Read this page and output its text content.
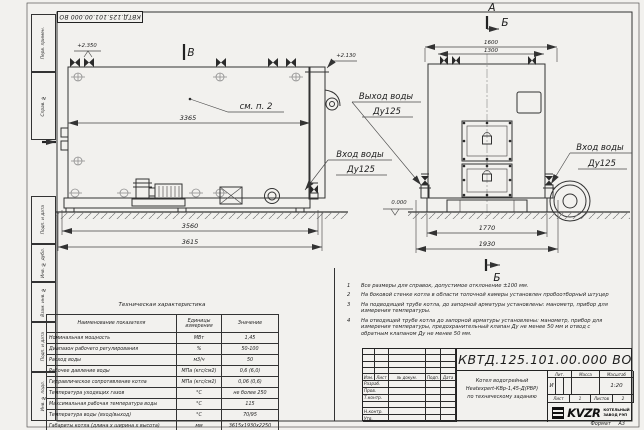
3365
3560
3615
+2.350
+2.130
0.000
В
см. п. 2
Выход воды
Ду125
Вход воды
Ду125
1600
1300
А
Б
1770
1930
Б
Вход воды
Ду125
КВТД.125.101.00.000 ВО
Перв. примен.
Справ. №
Подп. и дата
Инв. № дубл.
Взам. инв. №
Подп. и дата
Инв. № подл.
Техническая характеристика
Наименование показателя	Единицы измерения	Значение
Номинальная мощность	МВт	1,45
Диапазон рабочего регулирования	%	50-100
Расход воды	м3/ч	50
Рабочее давление воды	МПа (кгс/см2)	0,6 (6,0)
Гидравлическое сопротивление котла	МПа (кгс/см2)	0,06 (0,6)
Температура уходящих газов	°С	не более 250
Максимальная рабочая температура воды	°С	115
Температура воды (вход/выход)	°С	70/95
Габариты котла (длина х ширина х высота)	мм	3615х1930х2250
1	Все размеры для справок, допустимое отклонение ±100 мм.
2	На боковой стенке котла в области топочной камеры установлен пробоотборный штуцер
3	На подводящей трубе котла, до запорной арматуры установлены: манометр, прибор для измерения температуры.
4	На отводящей трубе котла до запорной арматуры установлены: манометр, прибор для измерения температуры, предохранительный клапан Ду не менее 50 мм и отвод с обратным клапаном Ду не менее 50 мм.
Изм. Лист	№ докум.	Подп. Дата
Разраб.
Пров.
Т.контр.
Н.контр.
Утв.
КВТД.125.101.00.000 ВО
Котел водогрейный
Heatexpert-КВр-1,45-Д(РВР)
по техническому заданию
Лит.	Масса	Масштаб
И	1:20
Лист	1	Листов	2
KVZR КОТЕЛЬНЫЙ
ЗАВОД РЭП
Формат А3
